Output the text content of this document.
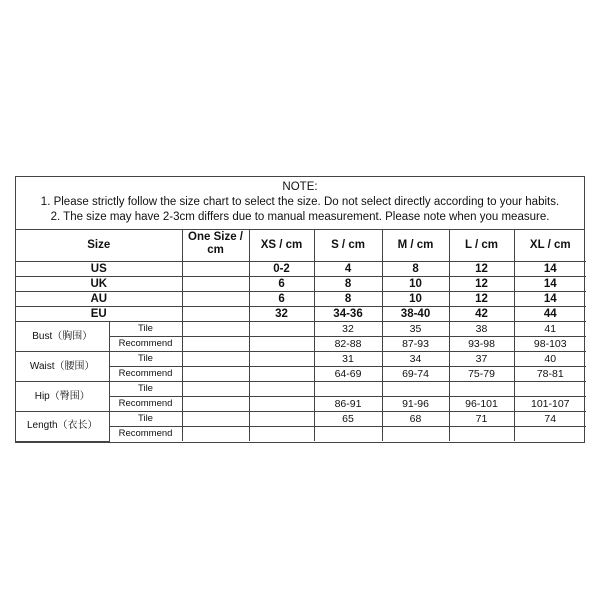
NOTE:
1. Please strictly follow the size chart to select the size. Do not select directly according to your habits.
2. The size may have 2-3cm differs due to manual measurement. Please note when you measure.
Size		One Size / cm	XS / cm	S / cm	M / cm	L / cm	XL / cm
US			0-2	4	8	12	14
UK			6	8	10	12	14
AU			6	8	10	12	14
EU			32	34-36	38-40	42	44
Bust（胸围）	Tile			32	35	38	41
	Recommend			82-88	87-93	93-98	98-103
Waist（腰围）	Tile			31	34	37	40
	Recommend			64-69	69-74	75-79	78-81
Hip（臀围）	Tile						
	Recommend			86-91	91-96	96-101	101-107
Length（衣长）	Tile			65	68	71	74
	Recommend						
